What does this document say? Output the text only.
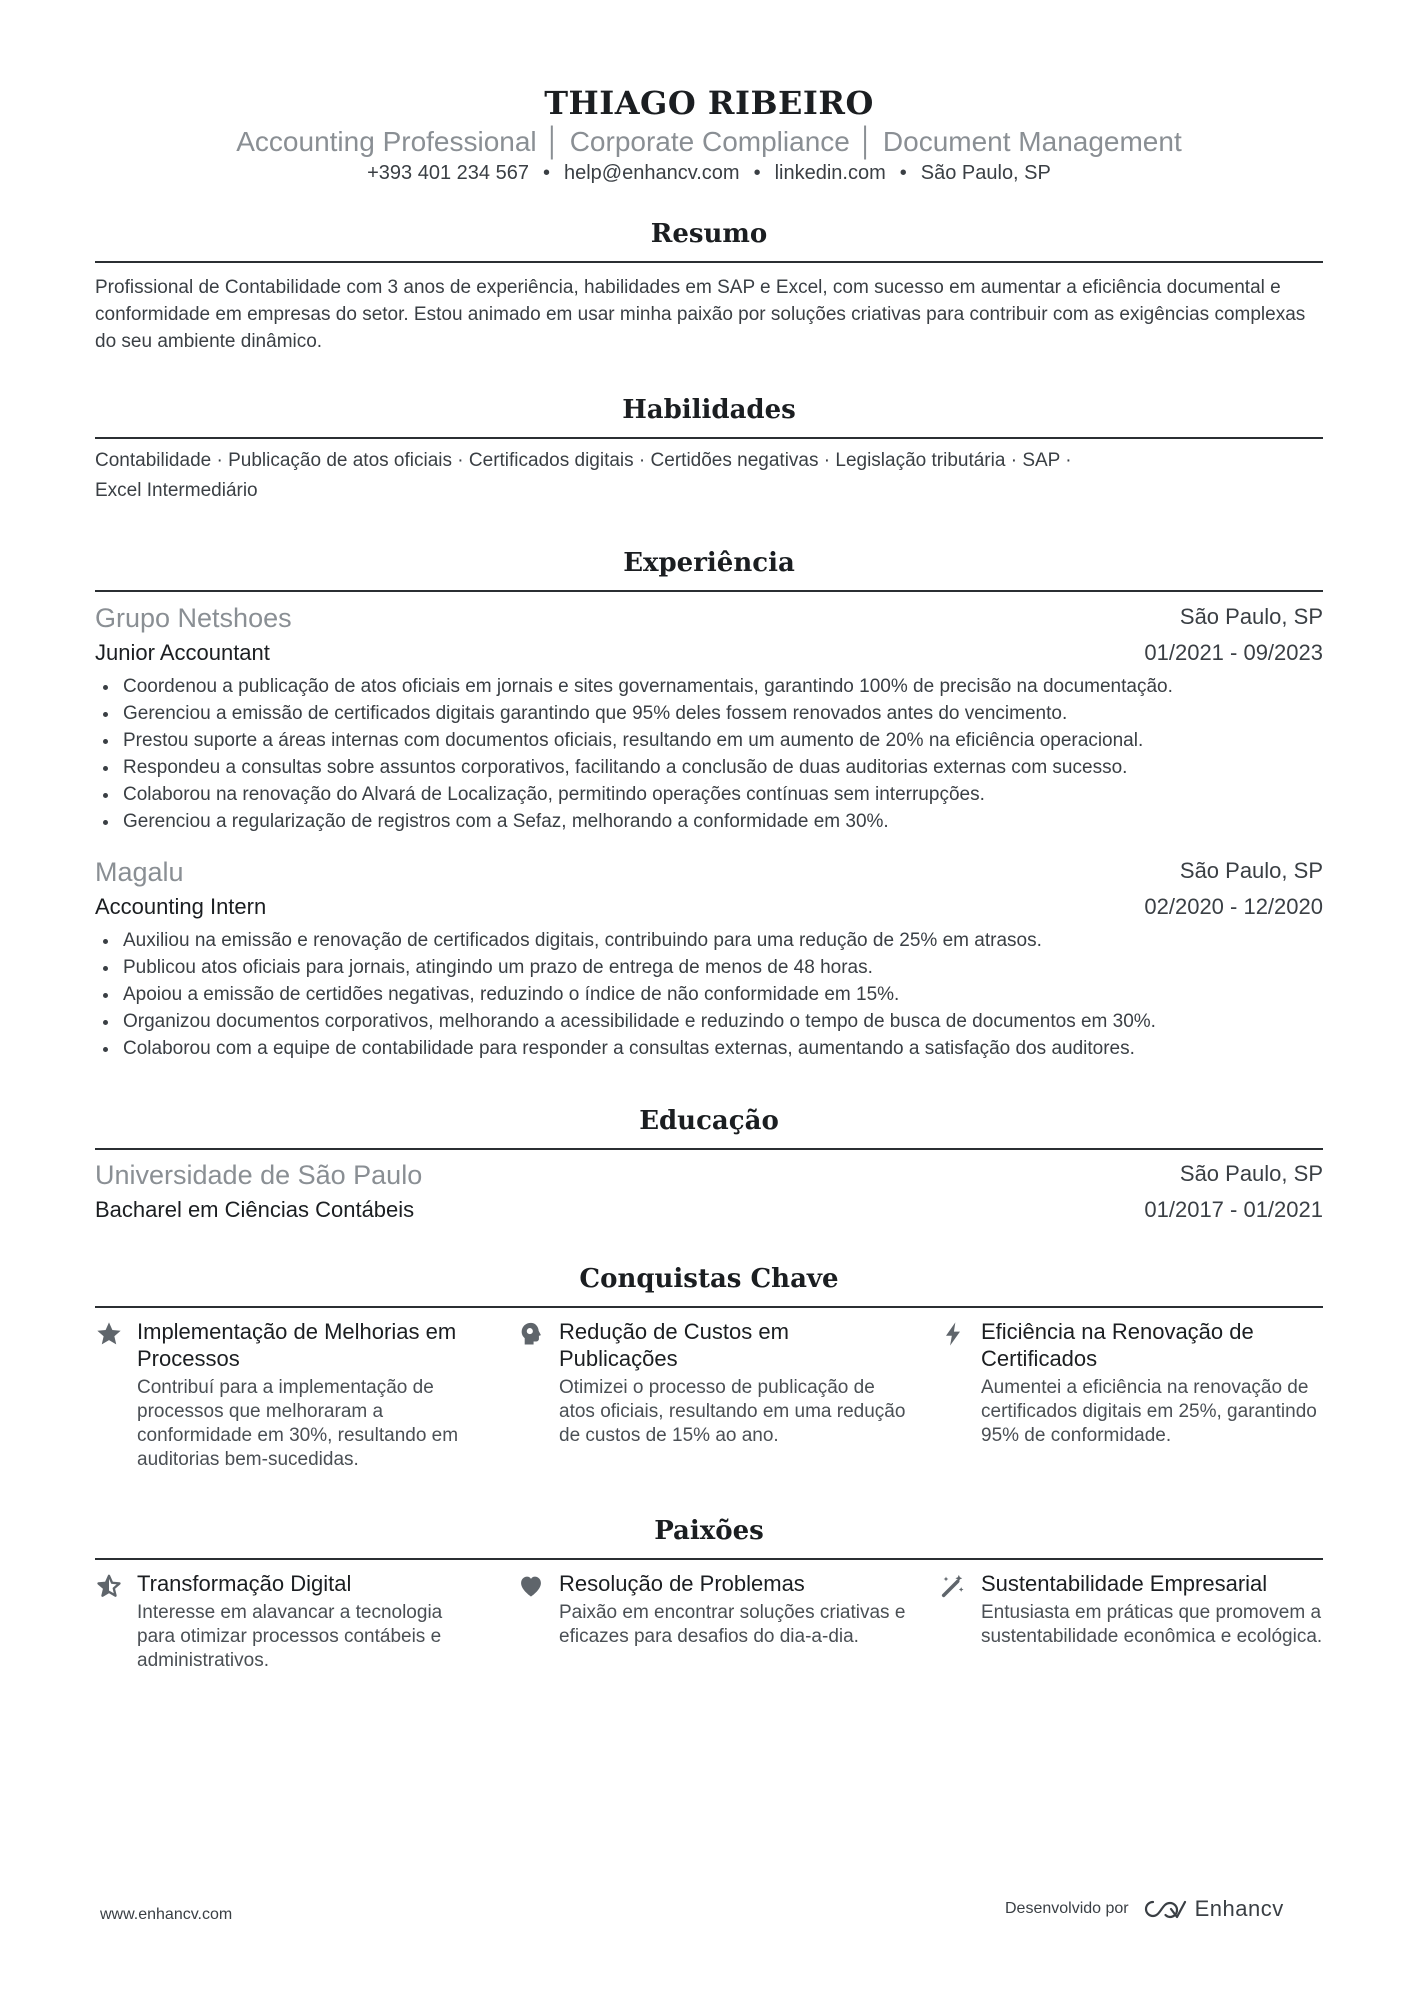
THIAGO RIBEIRO
Accounting Professional │ Corporate Compliance │ Document Management
+393 401 234 567 • help@enhancv.com • linkedin.com • São Paulo, SP
Resumo
Profissional de Contabilidade com 3 anos de experiência, habilidades em SAP e Excel, com sucesso em aumentar a eficiência documental e conformidade em empresas do setor. Estou animado em usar minha paixão por soluções criativas para contribuir com as exigências complexas do seu ambiente dinâmico.
Habilidades
Contabilidade · Publicação de atos oficiais · Certificados digitais · Certidões negativas · Legislação tributária · SAP ·
Excel Intermediário
Experiência
Grupo Netshoes	São Paulo, SP
Junior Accountant	01/2021 - 09/2023
Coordenou a publicação de atos oficiais em jornais e sites governamentais, garantindo 100% de precisão na documentação.
Gerenciou a emissão de certificados digitais garantindo que 95% deles fossem renovados antes do vencimento.
Prestou suporte a áreas internas com documentos oficiais, resultando em um aumento de 20% na eficiência operacional.
Respondeu a consultas sobre assuntos corporativos, facilitando a conclusão de duas auditorias externas com sucesso.
Colaborou na renovação do Alvará de Localização, permitindo operações contínuas sem interrupções.
Gerenciou a regularização de registros com a Sefaz, melhorando a conformidade em 30%.
Magalu	São Paulo, SP
Accounting Intern	02/2020 - 12/2020
Auxiliou na emissão e renovação de certificados digitais, contribuindo para uma redução de 25% em atrasos.
Publicou atos oficiais para jornais, atingindo um prazo de entrega de menos de 48 horas.
Apoiou a emissão de certidões negativas, reduzindo o índice de não conformidade em 15%.
Organizou documentos corporativos, melhorando a acessibilidade e reduzindo o tempo de busca de documentos em 30%.
Colaborou com a equipe de contabilidade para responder a consultas externas, aumentando a satisfação dos auditores.
Educação
Universidade de São Paulo	São Paulo, SP
Bacharel em Ciências Contábeis	01/2017 - 01/2021
Conquistas Chave
Implementação de Melhorias em Processos
Contribuí para a implementação de processos que melhoraram a conformidade em 30%, resultando em auditorias bem-sucedidas.
Redução de Custos em Publicações
Otimizei o processo de publicação de atos oficiais, resultando em uma redução de custos de 15% ao ano.
Eficiência na Renovação de Certificados
Aumentei a eficiência na renovação de certificados digitais em 25%, garantindo 95% de conformidade.
Paixões
Transformação Digital
Interesse em alavancar a tecnologia para otimizar processos contábeis e administrativos.
Resolução de Problemas
Paixão em encontrar soluções criativas e eficazes para desafios do dia-a-dia.
Sustentabilidade Empresarial
Entusiasta em práticas que promovem a sustentabilidade econômica e ecológica.
www.enhancv.com	Desenvolvido por	Enhancv
